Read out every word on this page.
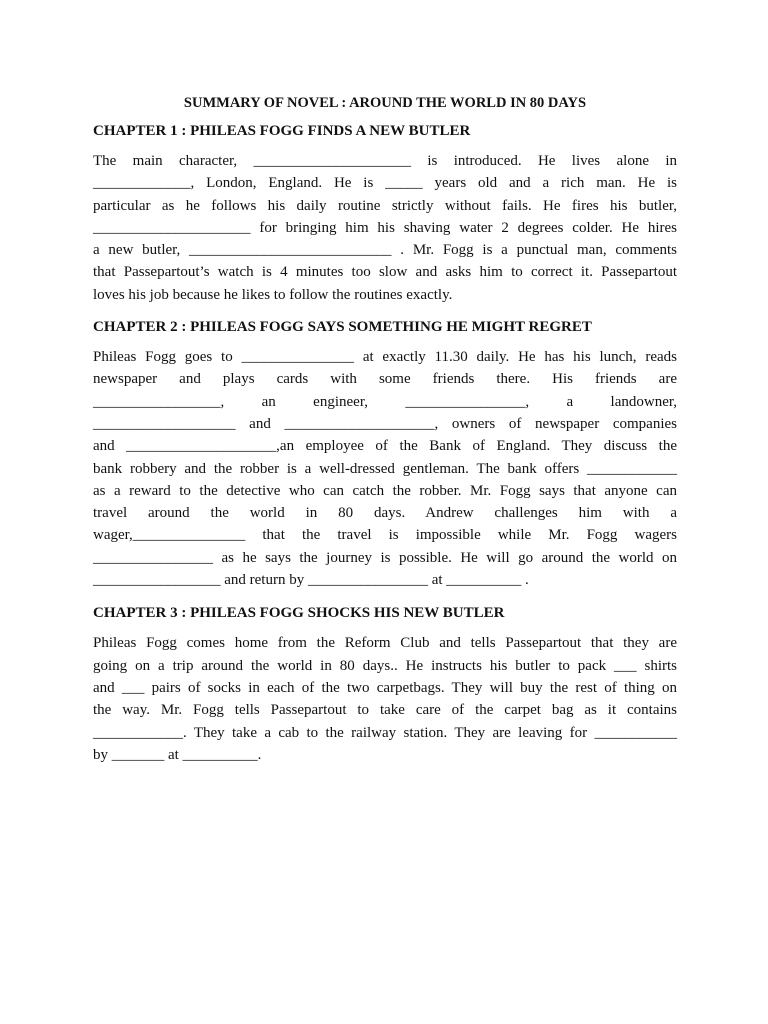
SUMMARY OF NOVEL : AROUND THE WORLD IN 80 DAYS
CHAPTER 1 : PHILEAS FOGG FINDS A NEW BUTLER
The main character, _____________________ is introduced. He lives alone in
_____________, London, England. He is _____ years old and a rich man. He is
particular as he follows his daily routine strictly without fails. He fires his butler,
_____________________ for bringing him his shaving water 2 degrees colder. He hires
a new butler, ___________________________ . Mr. Fogg is a punctual man, comments
that Passepartout’s watch is 4 minutes too slow and asks him to correct it. Passepartout
loves his job because he likes to follow the routines exactly.
CHAPTER 2 : PHILEAS FOGG SAYS SOMETHING HE MIGHT REGRET
Phileas Fogg goes to _______________ at exactly 11.30 daily. He has his lunch, reads
newspaper and plays cards with some friends there. His friends are
_________________, an engineer, ________________, a landowner,
___________________ and ____________________, owners of newspaper companies
and ____________________,an employee of the Bank of England. They discuss the
bank robbery and the robber is a well-dressed gentleman. The bank offers ____________
as a reward to the detective who can catch the robber. Mr. Fogg says that anyone can
travel around the world in 80 days. Andrew challenges him with a
wager,_______________ that the travel is impossible while Mr. Fogg wagers
________________ as he says the journey is possible. He will go around the world on
_________________ and return by ________________ at __________ .
CHAPTER 3 : PHILEAS FOGG SHOCKS HIS NEW BUTLER
Phileas Fogg comes home from the Reform Club and tells Passepartout that they are
going on a trip around the world in 80 days.. He instructs his butler to pack ___ shirts
and ___ pairs of socks in each of the two carpetbags. They will buy the rest of thing on
the way. Mr. Fogg tells Passepartout to take care of the carpet bag as it contains
____________. They take a cab to the railway station. They are leaving for ___________
by _______ at __________.
